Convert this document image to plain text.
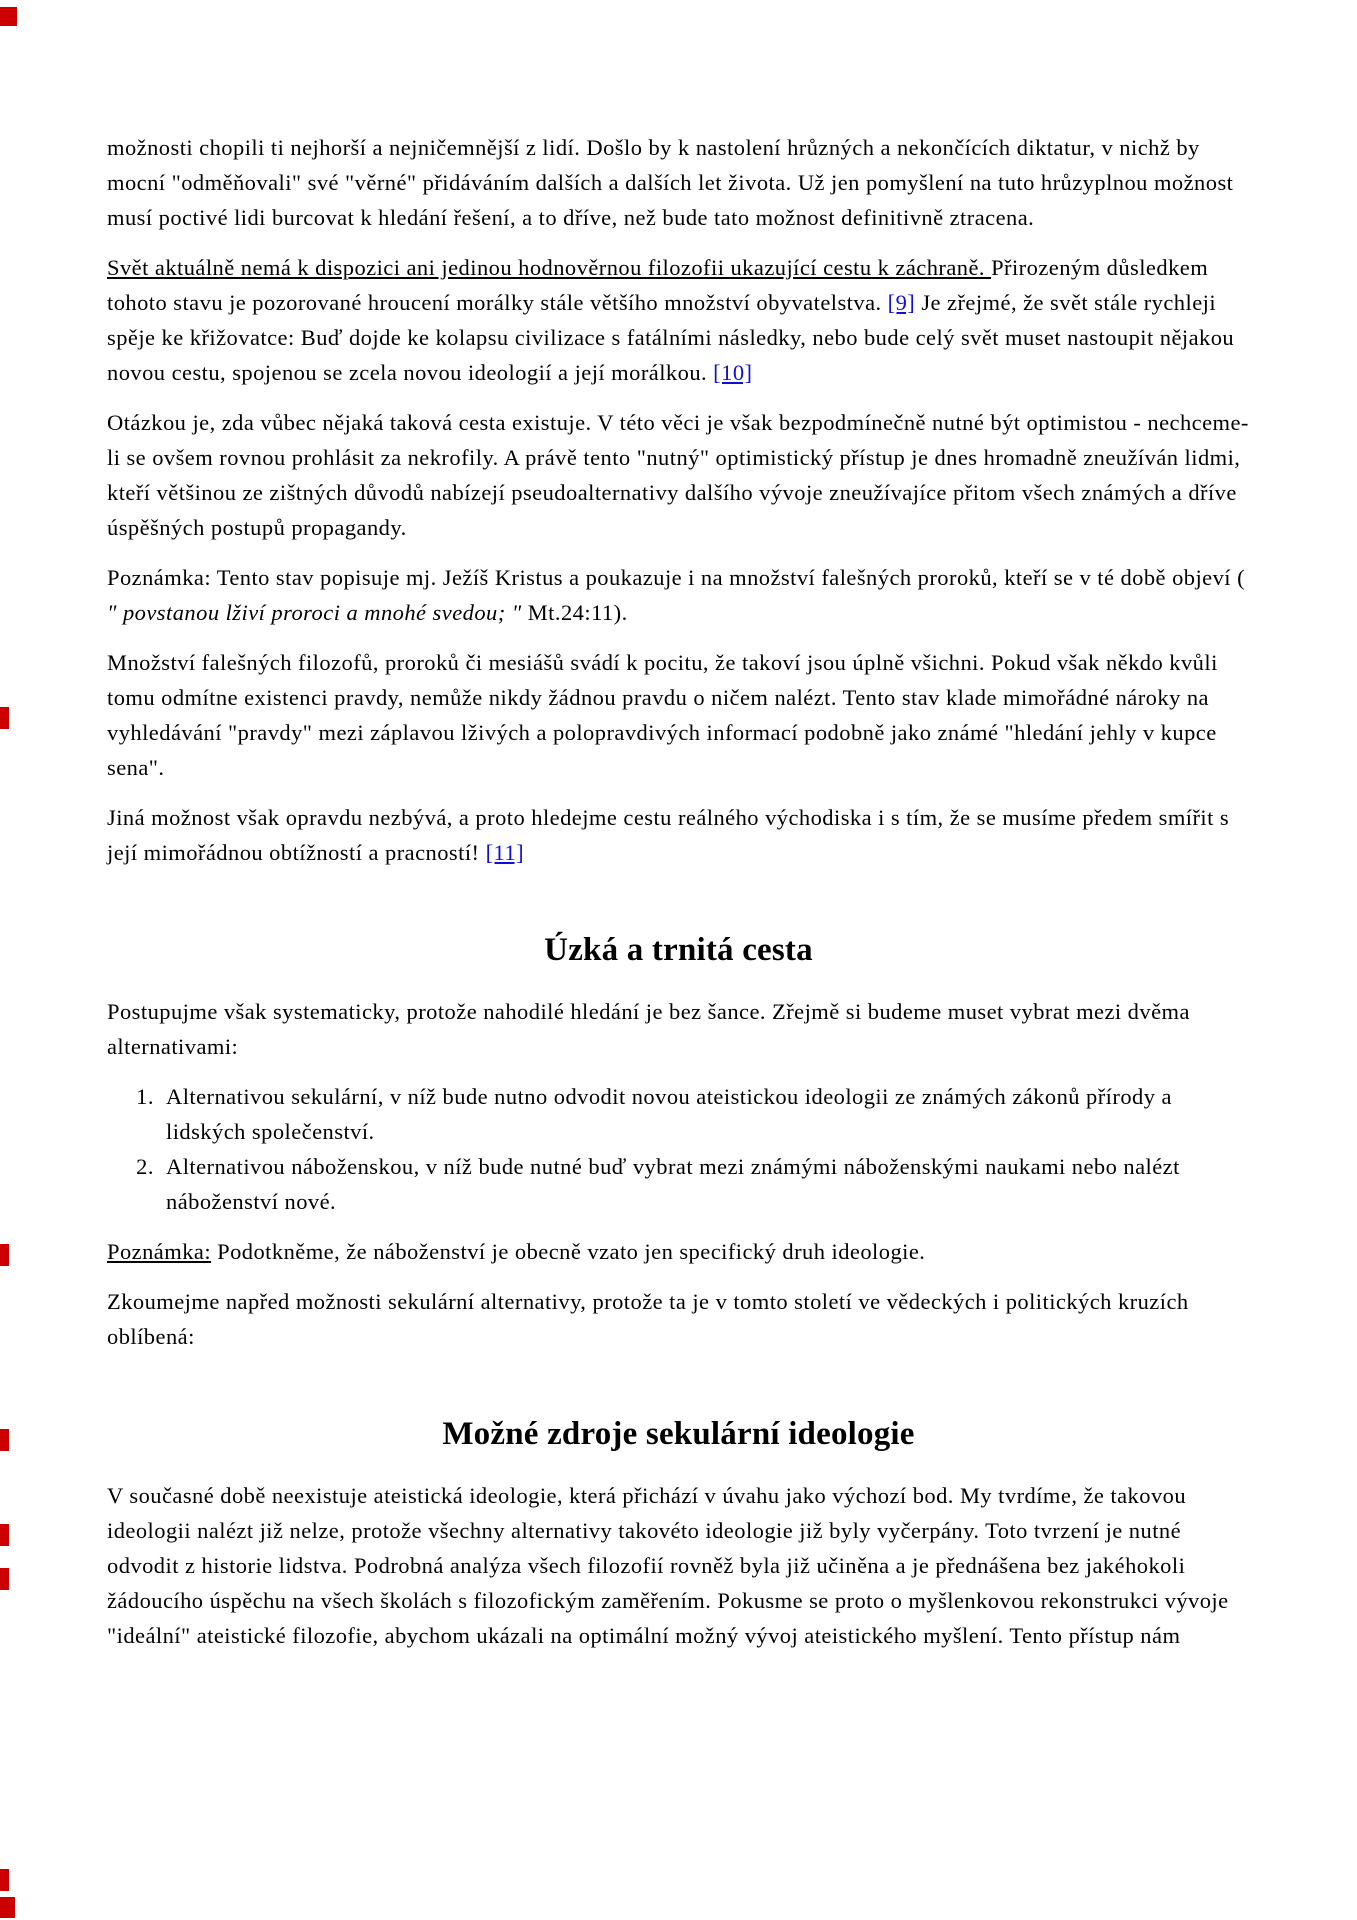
možnosti chopili ti nejhorší a nejničemnější z lidí. Došlo by k nastolení hrůzných a nekončících diktatur, v nichž by mocní "odměňovali" své "věrné" přidáváním dalších a dalších let života. Už jen pomyšlení na tuto hrůzyplnou možnost musí poctivé lidi burcovat k hledání řešení, a to dříve, než bude tato možnost definitivně ztracena.

Svět aktuálně nemá k dispozici ani jedinou hodnověrnou filozofii ukazující cestu k záchraně. Přirozeným důsledkem tohoto stavu je pozorované hroucení morálky stále většího množství obyvatelstva. [9] Je zřejmé, že svět stále rychleji spěje ke křižovatce: Buď dojde ke kolapsu civilizace s fatálními následky, nebo bude celý svět muset nastoupit nějakou novou cestu, spojenou se zcela novou ideologií a její morálkou. [10]

Otázkou je, zda vůbec nějaká taková cesta existuje. V této věci je však bezpodmínečně nutné být optimistou - nechceme-li se ovšem rovnou prohlásit za nekrofily. A právě tento "nutný" optimistický přístup je dnes hromadně zneužíván lidmi, kteří většinou ze zištných důvodů nabízejí pseudoalternativy dalšího vývoje zneužívajíce přitom všech známých a dříve úspěšných postupů propagandy.

Poznámka: Tento stav popisuje mj. Ježíš Kristus a poukazuje i na množství falešných proroků, kteří se v té době objeví ( " povstanou lživí proroci a mnohé svedou; " Mt.24:11).

Množství falešných filozofů, proroků či mesiášů svádí k pocitu, že takoví jsou úplně všichni. Pokud však někdo kvůli tomu odmítne existenci pravdy, nemůže nikdy žádnou pravdu o ničem nalézt. Tento stav klade mimořádné nároky na vyhledávání "pravdy" mezi záplavou lživých a polopravdivých informací podobně jako známé "hledání jehly v kupce sena".

Jiná možnost však opravdu nezbývá, a proto hledejme cestu reálného východiska i s tím, že se musíme předem smířit s její mimořádnou obtížností a pracností! [11]

Úzká a trnitá cesta

Postupujme však systematicky, protože nahodilé hledání je bez šance. Zřejmě si budeme muset vybrat mezi dvěma alternativami:

1. Alternativou sekulární, v níž bude nutno odvodit novou ateistickou ideologii ze známých zákonů přírody a lidských společenství.
2. Alternativou náboženskou, v níž bude nutné buď vybrat mezi známými náboženskými naukami nebo nalézt náboženství nové.

Poznámka: Podotkněme, že náboženství je obecně vzato jen specifický druh ideologie.

Zkoumejme napřed možnosti sekulární alternativy, protože ta je v tomto století ve vědeckých i politických kruzích oblíbená:

Možné zdroje sekulární ideologie

V současné době neexistuje ateistická ideologie, která přichází v úvahu jako výchozí bod. My tvrdíme, že takovou ideologii nalézt již nelze, protože všechny alternativy takovéto ideologie již byly vyčerpány. Toto tvrzení je nutné odvodit z historie lidstva. Podrobná analýza všech filozofií rovněž byla již učiněna a je přednášena bez jakéhokoli žádoucího úspěchu na všech školách s filozofickým zaměřením. Pokusme se proto o myšlenkovou rekonstrukci vývoje "ideální" ateistické filozofie, abychom ukázali na optimální možný vývoj ateistického myšlení. Tento přístup nám
